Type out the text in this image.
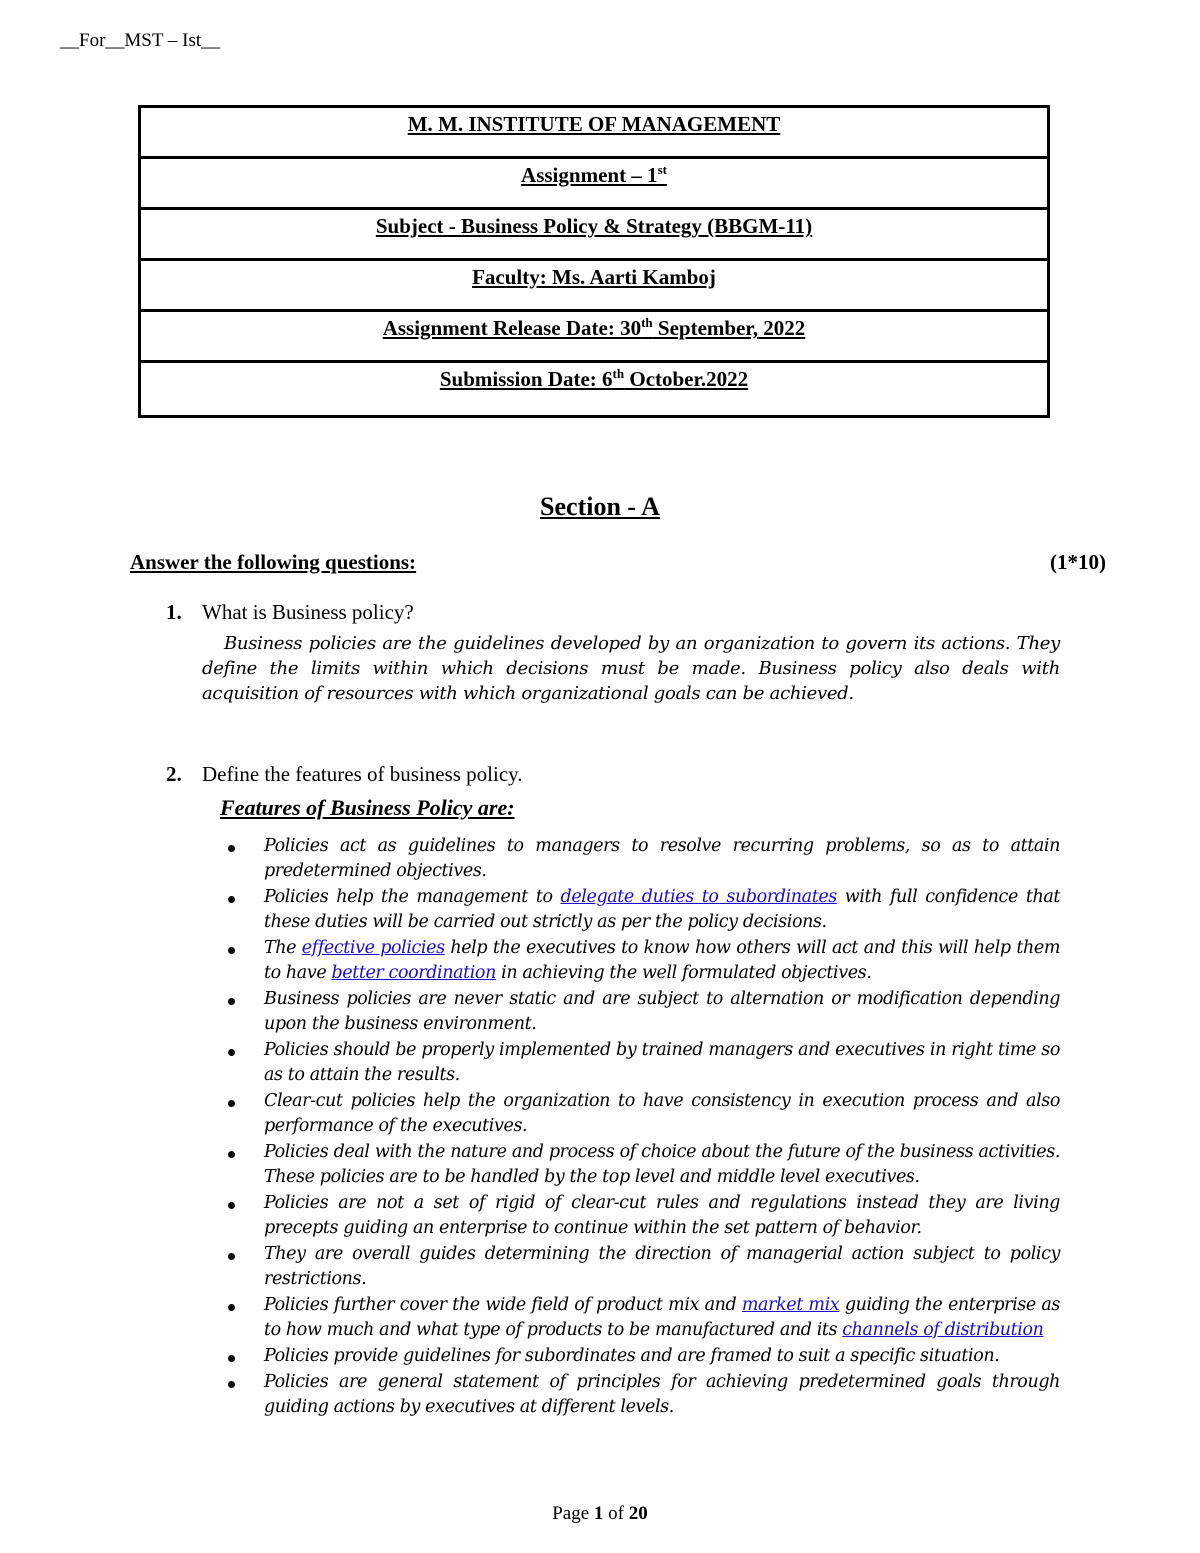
__For__MST – Ist__
M. M. INSTITUTE OF MANAGEMENT
Assignment – 1st
Subject - Business Policy & Strategy (BBGM-11)
Faculty: Ms. Aarti Kamboj
Assignment Release Date: 30th September, 2022
Submission Date: 6th October.2022
Section - A
Answer the following questions:	(1*10)
1. What is Business policy?
Business policies are the guidelines developed by an organization to govern its actions. They define the limits within which decisions must be made. Business policy also deals with acquisition of resources with which organizational goals can be achieved.
2. Define the features of business policy.
Features of Business Policy are:
Policies act as guidelines to managers to resolve recurring problems, so as to attain predetermined objectives.
Policies help the management to delegate duties to subordinates with full confidence that these duties will be carried out strictly as per the policy decisions.
The effective policies help the executives to know how others will act and this will help them to have better coordination in achieving the well formulated objectives.
Business policies are never static and are subject to alternation or modification depending upon the business environment.
Policies should be properly implemented by trained managers and executives in right time so as to attain the results.
Clear-cut policies help the organization to have consistency in execution process and also performance of the executives.
Policies deal with the nature and process of choice about the future of the business activities. These policies are to be handled by the top level and middle level executives.
Policies are not a set of rigid of clear-cut rules and regulations instead they are living precepts guiding an enterprise to continue within the set pattern of behavior.
They are overall guides determining the direction of managerial action subject to policy restrictions.
Policies further cover the wide field of product mix and market mix guiding the enterprise as to how much and what type of products to be manufactured and its channels of distribution
Policies provide guidelines for subordinates and are framed to suit a specific situation.
Policies are general statement of principles for achieving predetermined goals through guiding actions by executives at different levels.
Page 1 of 20
